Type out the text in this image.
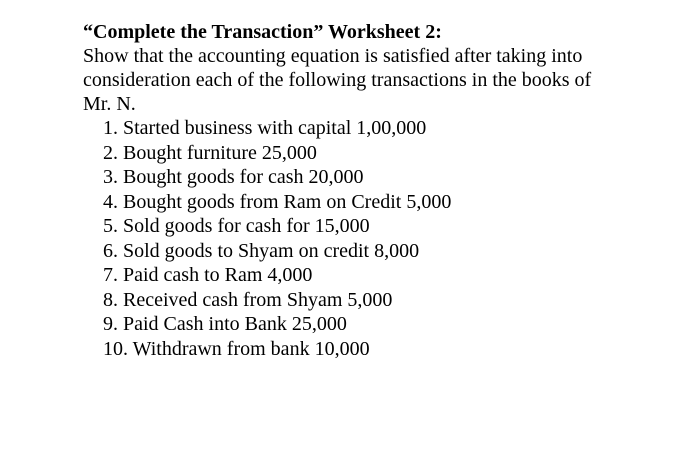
“Complete the Transaction” Worksheet 2:

Show that the accounting equation is satisfied after taking into consideration each of the following transactions in the books of Mr. N.

1. Started business with capital 1,00,000
2. Bought furniture 25,000
3. Bought goods for cash 20,000
4. Bought goods from Ram on Credit 5,000
5. Sold goods for cash for 15,000
6. Sold goods to Shyam on credit 8,000
7. Paid cash to Ram 4,000
8. Received cash from Shyam 5,000
9. Paid Cash into Bank 25,000
10. Withdrawn from bank 10,000
